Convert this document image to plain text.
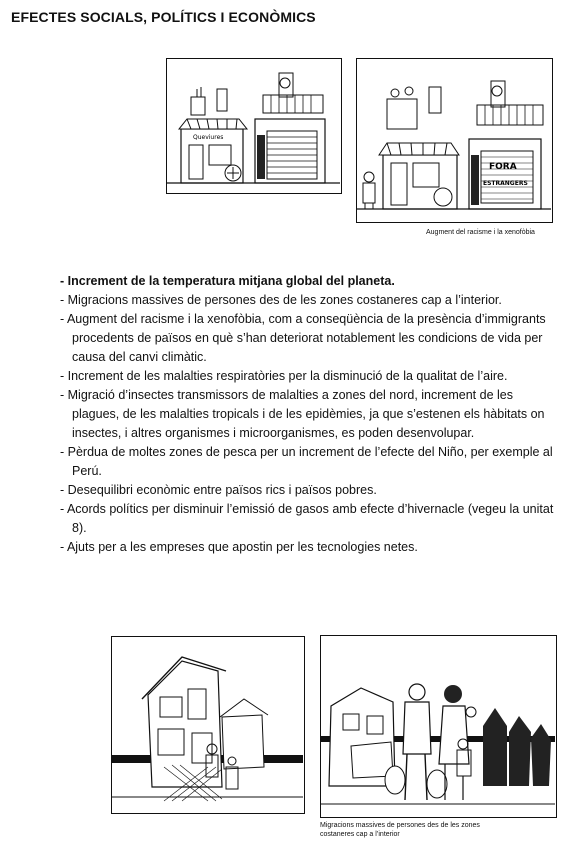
EFECTES SOCIALS, POLÍTICS I ECONÒMICS
Queviures
FORA
ESTRANGERS
Augment del racisme i la xenofòbia
- Increment de la temperatura mitjana global del planeta.
- Migracions massives de persones des de les zones costaneres cap a l’interior.
- Augment del racisme i la xenofòbia, com a conseqüència de la presència d’immigrants procedents de països en què s’han deteriorat notablement les condicions de vida per causa del canvi climàtic.
- Increment de les malalties respiratòries per la disminució de la qualitat de l’aire.
- Migració d’insectes transmissors de malalties a zones del nord, increment de les plagues, de les malalties tropicals i de les epidèmies, ja que s’estenen els hàbitats on insectes, i altres organismes i microorganismes, es poden desenvolupar.
- Pèrdua de moltes zones de pesca per un increment de l’efecte del Niño, per exemple al Perú.
- Desequilibri econòmic entre països rics i països pobres.
- Acords polítics per disminuir l’emissió de gasos amb efecte d’hivernacle (vegeu la unitat 8).
- Ajuts per a les empreses que apostin per les tecnologies netes.
Migracions massives de persones des de les zones
costaneres cap a l’interior
